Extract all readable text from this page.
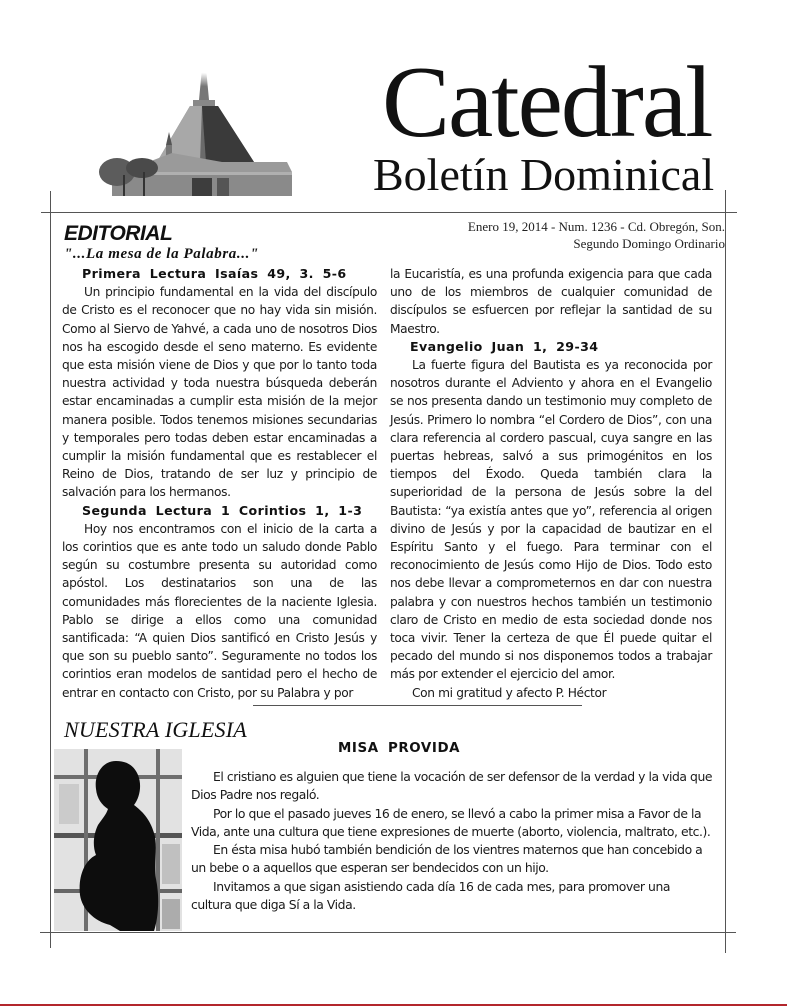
Catedral
Boletín Dominical
Enero 19, 2014 - Num. 1236 - Cd. Obregón, Son.
Segundo Domingo Ordinario
EDITORIAL
"...La mesa de la Palabra..."
Primera Lectura Isaías 49, 3. 5-6

Un principio fundamental en la vida del discípulo de Cristo es el reconocer que no hay vida sin misión. Como al Siervo de Yahvé, a cada uno de nosotros Dios nos ha escogido desde el seno materno. Es evidente que esta misión viene de Dios y que por lo tanto toda nuestra actividad y toda nuestra búsqueda deberán estar encaminadas a cumplir esta misión de la mejor manera posible. Todos tenemos misiones secundarias y temporales pero todas deben estar encaminadas a cumplir la misión fundamental que es restablecer el Reino de Dios, tratando de ser luz y principio de salvación para los hermanos.

Segunda Lectura 1 Corintios 1, 1-3

Hoy nos encontramos con el inicio de la carta a los corintios que es ante todo un saludo donde Pablo según su costumbre presenta su autoridad como apóstol. Los destinatarios son una de las comunidades más florecientes de la naciente Iglesia. Pablo se dirige a ellos como una comunidad santificada: “A quien Dios santificó en Cristo Jesús y que son su pueblo santo”. Seguramente no todos los corintios eran modelos de santidad pero el hecho de entrar en contacto con Cristo, por su Palabra y por

la Eucaristía, es una profunda exigencia para que cada uno de los miembros de cualquier comunidad de discípulos se esfuercen por reflejar la santidad de su Maestro.

Evangelio Juan 1, 29-34

La fuerte figura del Bautista es ya reconocida por nosotros durante el Adviento y ahora en el Evangelio se nos presenta dando un testimonio muy completo de Jesús. Primero lo nombra “el Cordero de Dios”, con una clara referencia al cordero pascual, cuya sangre en las puertas hebreas, salvó a sus primogénitos en los tiempos del Éxodo. Queda también clara la superioridad de la persona de Jesús sobre la del Bautista: “ya existía antes que yo”, referencia al origen divino de Jesús y por la capacidad de bautizar en el Espíritu Santo y el fuego. Para terminar con el reconocimiento de Jesús como Hijo de Dios. Todo esto nos debe llevar a comprometernos en dar con nuestra palabra y con nuestros hechos también un testimonio claro de Cristo en medio de esta sociedad donde nos toca vivir. Tener la certeza de que Él puede quitar el pecado del mundo si nos disponemos todos a trabajar más por extender el ejercicio del amor.

Con mi gratitud y afecto P. Héctor

NUESTRA IGLESIA
MISA PROVIDA

El cristiano es alguien que tiene la vocación de ser defensor de la verdad y la vida que Dios Padre nos regaló.

Por lo que el pasado jueves 16 de enero, se llevó a cabo la primer misa a Favor de la Vida, ante una cultura que tiene expresiones de muerte (aborto, violencia, maltrato, etc.).

En ésta misa hubó también bendición de los vientres maternos que han concebido a un bebe o a aquellos que esperan ser bendecidos con un hijo.

Invitamos a que sigan asistiendo cada día 16 de cada mes, para promover una cultura que diga Sí a la Vida.
